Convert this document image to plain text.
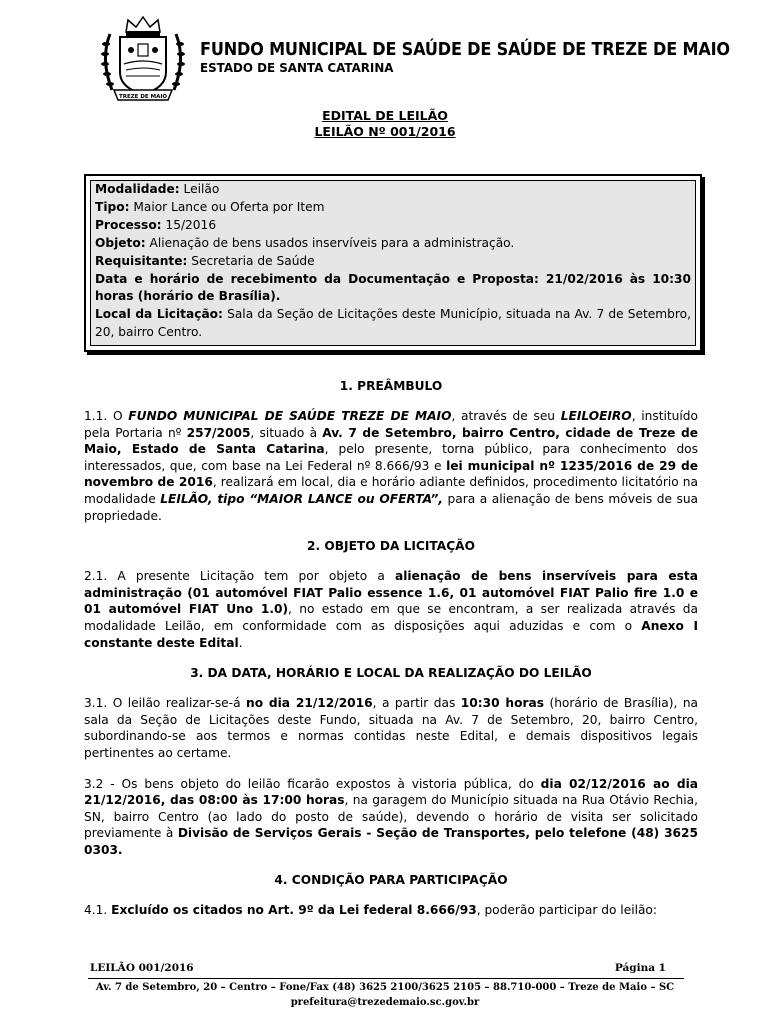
TREZE DE MAIO
FUNDO MUNICIPAL DE SAÚDE DE SAÚDE DE TREZE DE MAIO
ESTADO DE SANTA CATARINA
EDITAL DE LEILÃO
LEILÃO Nº 001/2016
Modalidade: Leilão
Tipo: Maior Lance ou Oferta por Item
Processo: 15/2016
Objeto: Alienação de bens usados inservíveis para a administração.
Requisitante: Secretaria de Saúde
Data e horário de recebimento da Documentação e Proposta: 21/02/2016 às 10:30 horas (horário de Brasília).
Local da Licitação: Sala da Seção de Licitações deste Município, situada na Av. 7 de Setembro, 20, bairro Centro.
1. PREÂMBULO

1.1. O FUNDO MUNICIPAL DE SAÚDE TREZE DE MAIO, através de seu LEILOEIRO, instituído pela Portaria nº 257/2005, situado à Av. 7 de Setembro, bairro Centro, cidade de Treze de Maio, Estado de Santa Catarina, pelo presente, torna público, para conhecimento dos interessados, que, com base na Lei Federal nº 8.666/93 e lei municipal nº 1235/2016 de 29 de novembro de 2016, realizará em local, dia e horário adiante definidos, procedimento licitatório na modalidade LEILÃO, tipo “MAIOR LANCE ou OFERTA”, para a alienação de bens móveis de sua propriedade.

2. OBJETO DA LICITAÇÃO

2.1. A presente Licitação tem por objeto a alienação de bens inservíveis para esta administração (01 automóvel FIAT Palio essence 1.6, 01 automóvel FIAT Palio fire 1.0 e 01 automóvel FIAT Uno 1.0), no estado em que se encontram, a ser realizada através da modalidade Leilão, em conformidade com as disposições aqui aduzidas e com o Anexo I constante deste Edital.

3. DA DATA, HORÁRIO E LOCAL DA REALIZAÇÃO DO LEILÃO

3.1. O leilão realizar-se-á no dia 21/12/2016, a partir das 10:30 horas (horário de Brasília), na sala da Seção de Licitações deste Fundo, situada na Av. 7 de Setembro, 20, bairro Centro, subordinando-se aos termos e normas contidas neste Edital, e demais dispositivos legais pertinentes ao certame.

3.2 - Os bens objeto do leilão ficarão expostos à vistoria pública, do dia 02/12/2016 ao dia 21/12/2016, das 08:00 às 17:00 horas, na garagem do Município situada na Rua Otávio Rechia, SN, bairro Centro (ao lado do posto de saúde), devendo o horário de visita ser solicitado previamente à Divisão de Serviços Gerais - Seção de Transportes, pelo telefone (48) 3625 0303.

4. CONDIÇÃO PARA PARTICIPAÇÃO

4.1. Excluído os citados no Art. 9º da Lei federal 8.666/93, poderão participar do leilão:

LEILÃO 001/2016	Página 1
Av. 7 de Setembro, 20 – Centro – Fone/Fax (48) 3625 2100/3625 2105 – 88.710-000 – Treze de Maio – SC
prefeitura@trezedemaio.sc.gov.br
